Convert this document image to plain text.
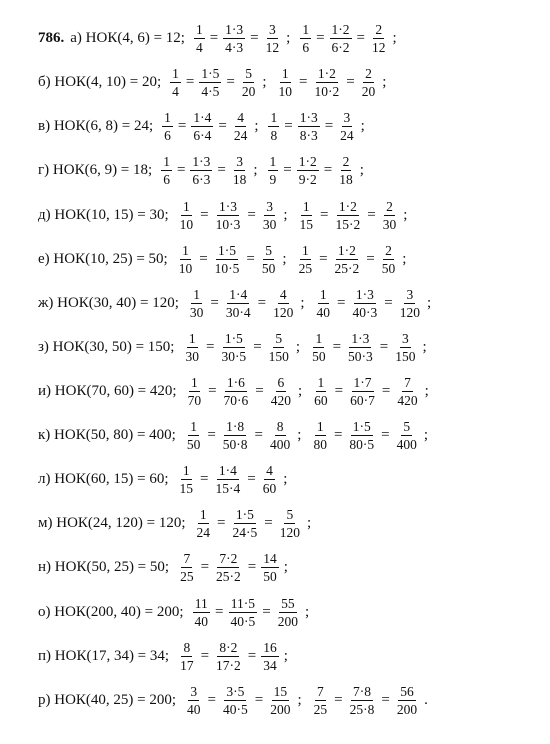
786. а) НОК(4, 6) = 12; $\frac{1}{4} = \frac{1\cdot 3}{4\cdot 3} = \frac{3}{12}$ ; $\frac{1}{6} = \frac{1\cdot 2}{6\cdot 2} = \frac{2}{12}$ ;
б) НОК(4, 10) = 20; $\frac{1}{4} = \frac{1\cdot 5}{4\cdot 5} = \frac{5}{20}$ ; $\frac{1}{10} = \frac{1\cdot 2}{10\cdot 2} = \frac{2}{20}$ ;
в) НОК(6, 8) = 24; $\frac{1}{6} = \frac{1\cdot 4}{6\cdot 4} = \frac{4}{24}$ ; $\frac{1}{8} = \frac{1\cdot 3}{8\cdot 3} = \frac{3}{24}$ ;
г) НОК(6, 9) = 18; $\frac{1}{6} = \frac{1\cdot 3}{6\cdot 3} = \frac{3}{18}$ ; $\frac{1}{9} = \frac{1\cdot 2}{9\cdot 2} = \frac{2}{18}$ ;
д) НОК(10, 15) = 30; $\frac{1}{10} = \frac{1\cdot 3}{10\cdot 3} = \frac{3}{30}$ ; $\frac{1}{15} = \frac{1\cdot 2}{15\cdot 2} = \frac{2}{30}$ ;
е) НОК(10, 25) = 50; $\frac{1}{10} = \frac{1\cdot 5}{10\cdot 5} = \frac{5}{50}$ ; $\frac{1}{25} = \frac{1\cdot 2}{25\cdot 2} = \frac{2}{50}$ ;
ж) НОК(30, 40) = 120; $\frac{1}{30} = \frac{1\cdot 4}{30\cdot 4} = \frac{4}{120}$ ; $\frac{1}{40} = \frac{1\cdot 3}{40\cdot 3} = \frac{3}{120}$ ;
з) НОК(30, 50) = 150; $\frac{1}{30} = \frac{1\cdot 5}{30\cdot 5} = \frac{5}{150}$ ; $\frac{1}{50} = \frac{1\cdot 3}{50\cdot 3} = \frac{3}{150}$ ;
и) НОК(70, 60) = 420; $\frac{1}{70} = \frac{1\cdot 6}{70\cdot 6} = \frac{6}{420}$ ; $\frac{1}{60} = \frac{1\cdot 7}{60\cdot 7} = \frac{7}{420}$ ;
к) НОК(50, 80) = 400; $\frac{1}{50} = \frac{1\cdot 8}{50\cdot 8} = \frac{8}{400}$ ; $\frac{1}{80} = \frac{1\cdot 5}{80\cdot 5} = \frac{5}{400}$ ;
л) НОК(60, 15) = 60; $\frac{1}{15} = \frac{1\cdot 4}{15\cdot 4} = \frac{4}{60}$ ;
м) НОК(24, 120) = 120; $\frac{1}{24} = \frac{1\cdot 5}{24\cdot 5} = \frac{5}{120}$ ;
н) НОК(50, 25) = 50; $\frac{7}{25} = \frac{7\cdot 2}{25\cdot 2} = \frac{14}{50}$ ;
о) НОК(200, 40) = 200; $\frac{11}{40} = \frac{11\cdot 5}{40\cdot 5} = \frac{55}{200}$ ;
п) НОК(17, 34) = 34; $\frac{8}{17} = \frac{8\cdot 2}{17\cdot 2} = \frac{16}{34}$ ;
р) НОК(40, 25) = 200; $\frac{3}{40} = \frac{3\cdot 5}{40\cdot 5} = \frac{15}{200}$ ; $\frac{7}{25} = \frac{7\cdot 8}{25\cdot 8} = \frac{56}{200}$ .
